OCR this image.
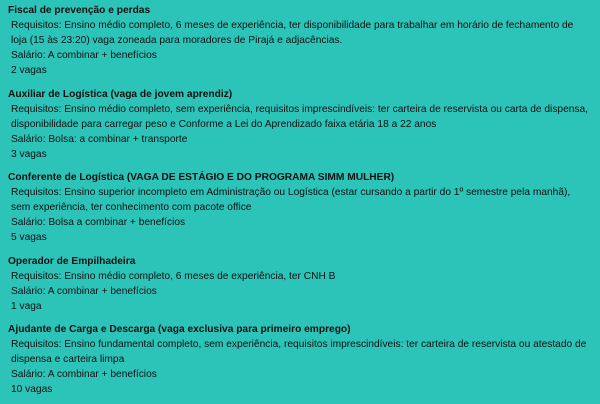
Fiscal de prevenção e perdas
Requisitos: Ensino médio completo, 6 meses de experiência, ter disponibilidade para trabalhar em horário de fechamento de loja (15 às 23:20) vaga zoneada para moradores de Pirajá e adjacências.
Salário: A combinar + benefícios
2 vagas
Auxiliar de Logística (vaga de jovem aprendiz)
Requisitos: Ensino médio completo, sem experiência, requisitos imprescindíveis: ter carteira de reservista ou carta de dispensa, disponibilidade para carregar peso e Conforme a Lei do Aprendizado faixa etária 18 a 22 anos
Salário: Bolsa: a combinar + transporte
3 vagas
Conferente de Logística (VAGA DE ESTÁGIO E DO PROGRAMA SIMM MULHER)
Requisitos: Ensino superior incompleto em Administração ou Logística (estar cursando a partir do 1º semestre pela manhã), sem experiência, ter conhecimento com pacote office
Salário: Bolsa a combinar + benefícios
5 vagas
Operador de Empilhadeira
Requisitos: Ensino médio completo, 6 meses de experiência, ter CNH B
Salário: A combinar + benefícios
1 vaga
Ajudante de Carga e Descarga (vaga exclusiva para primeiro emprego)
Requisitos: Ensino fundamental completo, sem experiência, requisitos imprescindíveis: ter carteira de reservista ou atestado de dispensa e carteira limpa
Salário: A combinar + benefícios
10 vagas
